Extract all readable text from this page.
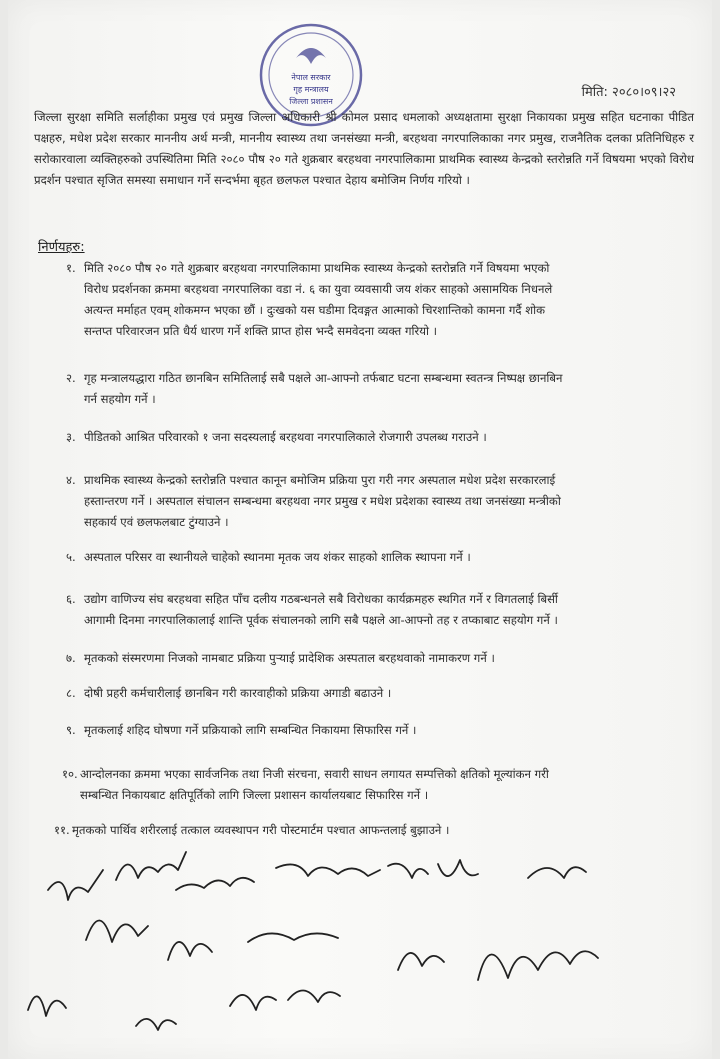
नेपाल सरकार
गृह मन्त्रालय
जिल्ला प्रशासन
मिति: २०८०।०९।२२
जिल्ला सुरक्षा समिति सर्लाहीका प्रमुख एवं प्रमुख जिल्ला अधिकारी श्री कोमल प्रसाद धमलाको अध्यक्षतामा सुरक्षा निकायका प्रमुख सहित घटनाका पीडित पक्षहरु, मधेश प्रदेश सरकार माननीय अर्थ मन्त्री, माननीय स्वास्थ्य तथा जनसंख्या मन्त्री, बरहथवा नगरपालिकाका नगर प्रमुख, राजनैतिक दलका प्रतिनिधिहरु र सरोकारवाला व्यक्तिहरुको उपस्थितिमा मिति २०८० पौष २० गते शुक्रबार बरहथवा नगरपालिकामा प्राथमिक स्वास्थ्य केन्द्रको स्तरोन्नति गर्ने विषयमा भएको विरोध प्रदर्शन पश्चात सृजित समस्या समाधान गर्ने सन्दर्भमा बृहत छलफल पश्चात देहाय बमोजिम निर्णय गरियो ।
निर्णयहरु:
१. मिति २०८० पौष २० गते शुक्रबार बरहथवा नगरपालिकामा प्राथमिक स्वास्थ्य केन्द्रको स्तरोन्नति गर्ने विषयमा भएको
विरोध प्रदर्शनका क्रममा बरहथवा नगरपालिका वडा नं. ६ का युवा व्यवसायी जय शंकर साहको असामयिक निधनले
अत्यन्त मर्माहत एवम् शोकमग्न भएका छौं । दुःखको यस घडीमा दिवङ्गत आत्माको चिरशान्तिको कामना गर्दै शोक
सन्तप्त परिवारजन प्रति धैर्य धारण गर्ने शक्ति प्राप्त होस भन्दै समवेदना व्यक्त गरियो ।
२. गृह मन्त्रालयद्धारा गठित छानबिन समितिलाई सबै पक्षले आ-आफ्नो तर्फबाट घटना सम्बन्धमा स्वतन्त्र निष्पक्ष छानबिन
गर्न सहयोग गर्ने ।
३. पीडितको आश्रित परिवारको १ जना सदस्यलाई बरहथवा नगरपालिकाले रोजगारी उपलब्ध गराउने ।
४. प्राथमिक स्वास्थ्य केन्द्रको स्तरोन्नति पश्चात कानून बमोजिम प्रक्रिया पुरा गरी नगर अस्पताल मधेश प्रदेश सरकारलाई
हस्तान्तरण गर्ने । अस्पताल संचालन सम्बन्धमा बरहथवा नगर प्रमुख र मधेश प्रदेशका स्वास्थ्य तथा जनसंख्या मन्त्रीको
सहकार्य एवं छलफलबाट टुंग्याउने ।
५. अस्पताल परिसर वा स्थानीयले चाहेको स्थानमा मृतक जय शंकर साहको शालिक स्थापना गर्ने ।
६. उद्योग वाणिज्य संघ बरहथवा सहित पाँच दलीय गठबन्धनले सबै विरोधका कार्यक्रमहरु स्थगित गर्ने र विगतलाई बिर्सी
आगामी दिनमा नगरपालिकालाई शान्ति पूर्वक संचालनको लागि सबै पक्षले आ-आफ्नो तह र तप्काबाट सहयोग गर्ने ।
७. मृतकको संस्मरणमा निजको नामबाट प्रक्रिया पुर्‍याई प्रादेशिक अस्पताल बरहथवाको नामाकरण गर्ने ।
८. दोषी प्रहरी कर्मचारीलाई छानबिन गरी कारवाहीको प्रक्रिया अगाडी बढाउने ।
९. मृतकलाई शहिद घोषणा गर्ने प्रक्रियाको लागि सम्बन्धित निकायमा सिफारिस गर्ने ।
१०. आन्दोलनका क्रममा भएका सार्वजनिक तथा निजी संरचना, सवारी साधन लगायत सम्पत्तिको क्षतिको मूल्यांकन गरी
सम्बन्धित निकायबाट क्षतिपूर्तिको लागि जिल्ला प्रशासन कार्यालयबाट सिफारिस गर्ने ।
११. मृतकको पार्थिव शरीरलाई तत्काल व्यवस्थापन गरी पोस्टमार्टम पश्चात आफन्तलाई बुझाउने ।
